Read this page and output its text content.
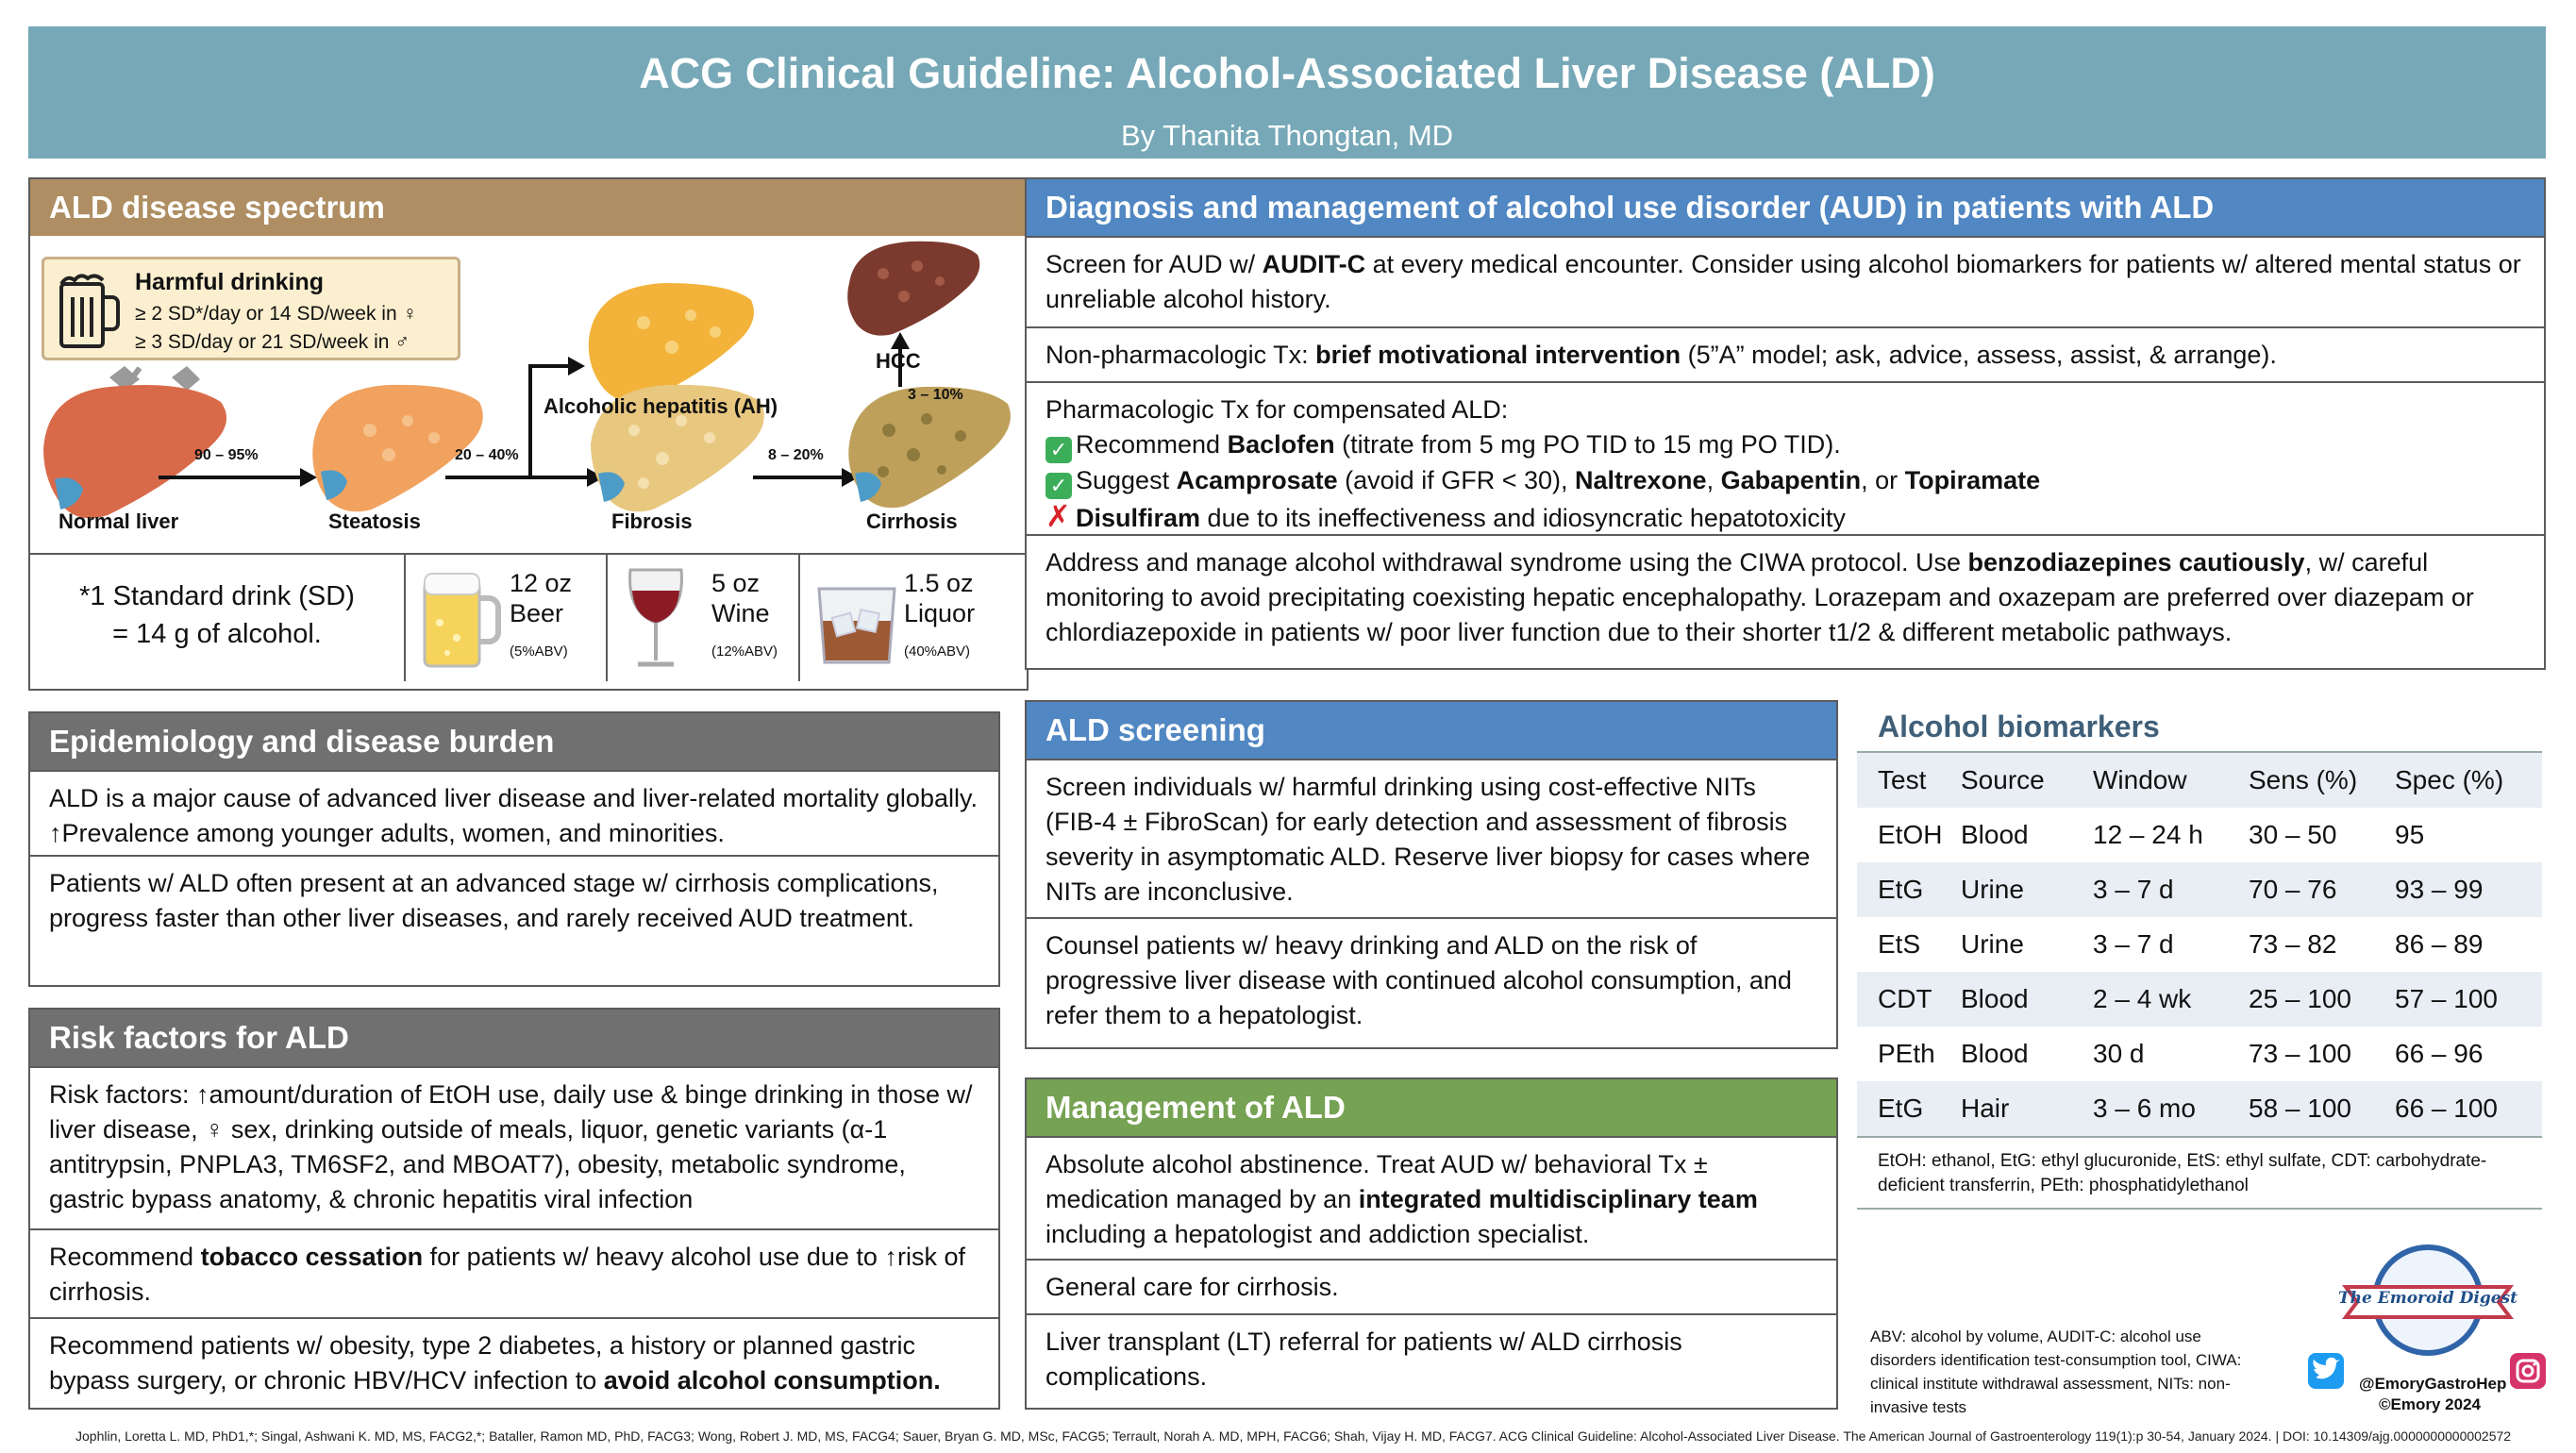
ACG Clinical Guideline: Alcohol-Associated Liver Disease (ALD)
By Thanita Thongtan, MD
ALD disease spectrum
Harmful drinking
≥ 2 SD*/day or 14 SD/week in ♀
≥ 3 SD/day or 21 SD/week in ♂
Normal liver	Steatosis
Alcoholic hepatitis (AH)
Fibrosis	Cirrhosis
HCC
90 – 95%	20 – 40%	8 – 20%
3 – 10%
*1 Standard drink (SD)
= 14 g of alcohol.
12 oz
Beer
(5%ABV)
5 oz
Wine
(12%ABV)
1.5 oz
Liquor
(40%ABV)
Epidemiology and disease burden
ALD is a major cause of advanced liver disease and liver-related mortality globally. ↑Prevalence among younger adults, women, and minorities.
Patients w/ ALD often present at an advanced stage w/ cirrhosis complications, progress faster than other liver diseases, and rarely received AUD treatment.
Risk factors for ALD
Risk factors: ↑amount/duration of EtOH use, daily use & binge drinking in those w/ liver disease, ♀ sex, drinking outside of meals, liquor, genetic variants (α-1 antitrypsin, PNPLA3, TM6SF2, and MBOAT7), obesity, metabolic syndrome, gastric bypass anatomy, & chronic hepatitis viral infection
Recommend tobacco cessation for patients w/ heavy alcohol use due to ↑risk of cirrhosis.
Recommend patients w/ obesity, type 2 diabetes, a history or planned gastric bypass surgery, or chronic HBV/HCV infection to avoid alcohol consumption.
Diagnosis and management of alcohol use disorder (AUD) in patients with ALD
Screen for AUD w/ AUDIT-C at every medical encounter. Consider using alcohol biomarkers for patients w/ altered mental status or unreliable alcohol history.
Non-pharmacologic Tx: brief motivational intervention (5”A” model; ask, advice, assess, assist, & arrange).
Pharmacologic Tx for compensated ALD:
✓ Recommend Baclofen (titrate from 5 mg PO TID to 15 mg PO TID).
✓ Suggest Acamprosate (avoid if GFR < 30), Naltrexone, Gabapentin, or Topiramate
✗ Disulfiram due to its ineffectiveness and idiosyncratic hepatotoxicity
Address and manage alcohol withdrawal syndrome using the CIWA protocol. Use benzodiazepines cautiously, w/ careful monitoring to avoid precipitating coexisting hepatic encephalopathy. Lorazepam and oxazepam are preferred over diazepam or chlordiazepoxide in patients w/ poor liver function due to their shorter t1/2 & different metabolic pathways.
ALD screening
Screen individuals w/ harmful drinking using cost-effective NITs (FIB-4 ± FibroScan) for early detection and assessment of fibrosis severity in asymptomatic ALD. Reserve liver biopsy for cases where NITs are inconclusive.
Counsel patients w/ heavy drinking and ALD on the risk of progressive liver disease with continued alcohol consumption, and refer them to a hepatologist.
Management of ALD
Absolute alcohol abstinence. Treat AUD w/ behavioral Tx ± medication managed by an integrated multidisciplinary team including a hepatologist and addiction specialist.
General care for cirrhosis.
Liver transplant (LT) referral for patients w/ ALD cirrhosis complications.
Alcohol biomarkers
Test	Source	Window	Sens (%)	Spec (%)
EtOH Blood	12 – 24 h	30 – 50	95
EtG	Urine	3 – 7 d	70 – 76	93 – 99
EtS	Urine	3 – 7 d	73 – 82	86 – 89
CDT	Blood	2 – 4 wk	25 – 100	57 – 100
PEth Blood	30 d	73 – 100	66 – 96
EtG	Hair	3 – 6 mo	58 – 100	66 – 100
EtOH: ethanol, EtG: ethyl glucuronide, EtS: ethyl sulfate, CDT: carbohydrate-deficient transferrin, PEth: phosphatidylethanol
ABV: alcohol by volume, AUDIT-C: alcohol use disorders identification test-consumption tool, CIWA: clinical institute withdrawal assessment, NITs: non-invasive tests
The Emoroid Digest
@EmoryGastroHep
©Emory 2024
Jophlin, Loretta L. MD, PhD1,*; Singal, Ashwani K. MD, MS, FACG2,*; Bataller, Ramon MD, PhD, FACG3; Wong, Robert J. MD, MS, FACG4; Sauer, Bryan G. MD, MSc, FACG5; Terrault, Norah A. MD, MPH, FACG6; Shah, Vijay H. MD, FACG7. ACG Clinical Guideline: Alcohol-Associated Liver Disease. The American Journal of Gastroenterology 119(1):p 30-54, January 2024. | DOI: 10.14309/ajg.0000000000002572
